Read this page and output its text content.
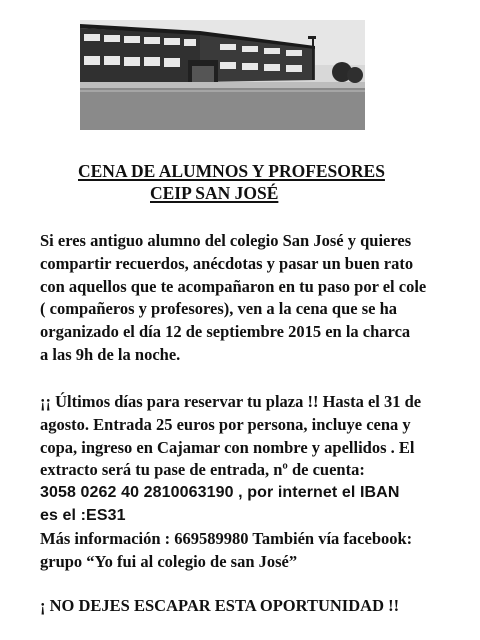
CENA DE ALUMNOS Y PROFESORES
CEIP SAN JOSÉ
Si eres antiguo alumno del colegio San José y quieres
compartir recuerdos, anécdotas y pasar un buen rato
con aquellos que te acompañaron en tu paso por el cole
( compañeros y profesores), ven a la cena que se ha
organizado el día 12 de septiembre 2015 en la charca
a las 9h de la noche.
¡¡ Últimos días para reservar tu plaza !! Hasta el 31 de
agosto. Entrada 25 euros por persona, incluye cena y
copa, ingreso en Cajamar con nombre y apellidos . El
extracto será tu pase de entrada, nº de cuenta:
3058 0262 40 2810063190 , por internet el IBAN
es el :ES31
Más información : 669589980 También vía facebook:
grupo “Yo fui al colegio de san José”
¡ NO DEJES ESCAPAR ESTA OPORTUNIDAD !!
